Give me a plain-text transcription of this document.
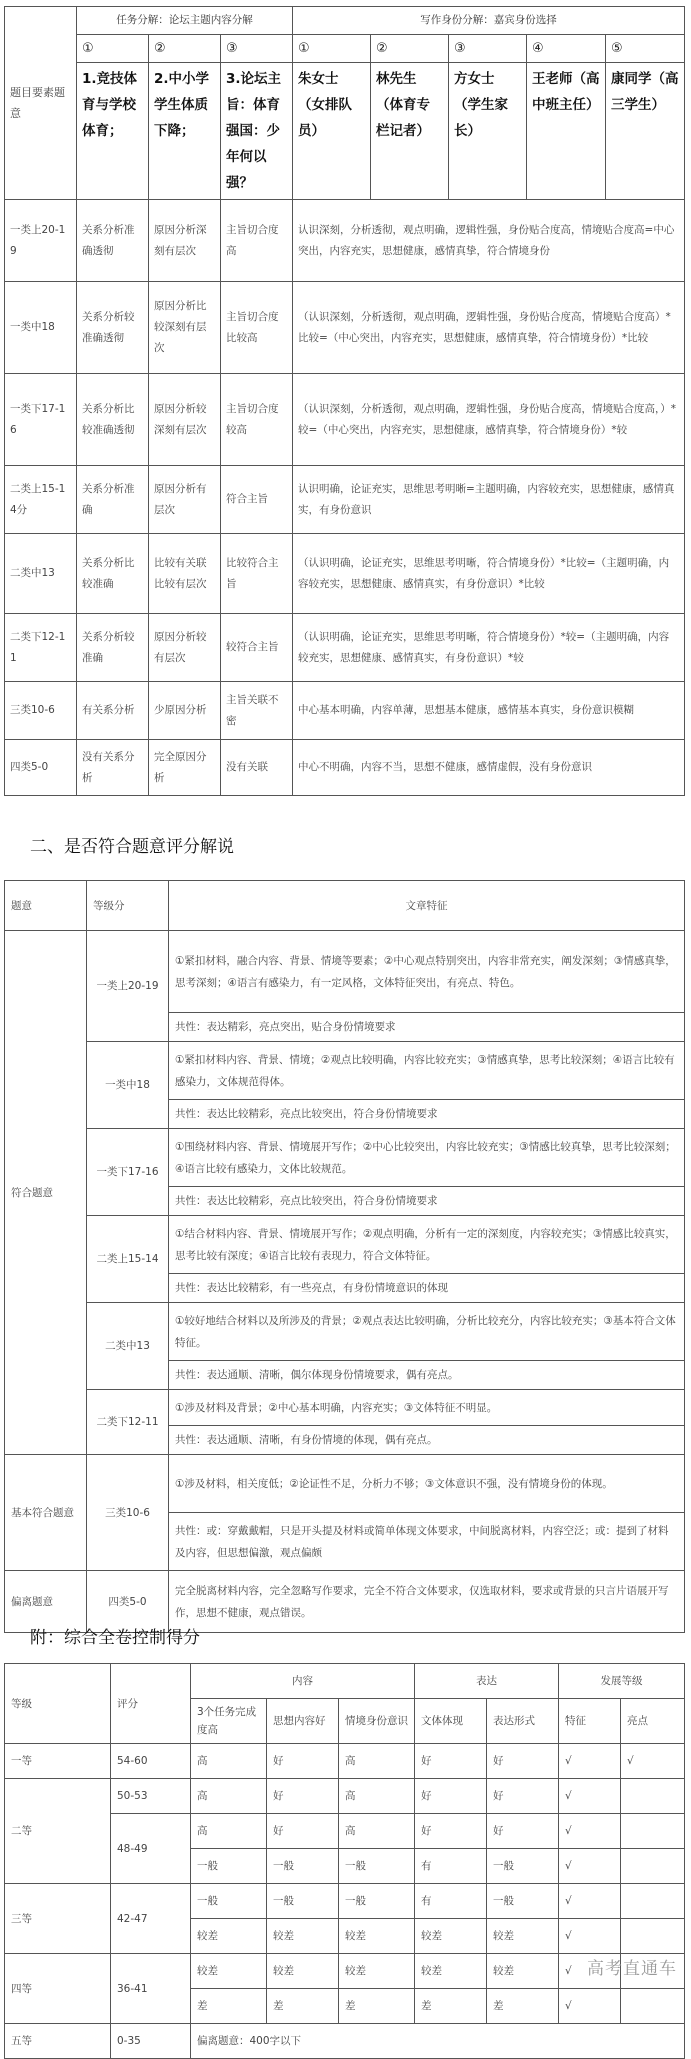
题目要素题意	任务分解：论坛主题内容分解			写作身份分解：嘉宾身份选择				
	①	②	③	①	②	③	④	⑤
	1.竞技体育与学校体育；	2.中小学学生体质下降；	3.论坛主旨：体育强国：少年何以强？	朱女士（女排队员）	林先生（体育专栏记者）	方女士（学生家长）	王老师（高中班主任）	康同学（高三学生）
一类上20-19	关系分析准确透彻	原因分析深刻有层次	主旨切合度高	认识深刻，分析透彻，观点明确，逻辑性强，身份贴合度高，情境贴合度高=中心突出，内容充实，思想健康，感情真挚，符合情境身份				
一类中18	关系分析较准确透彻	原因分析比较深刻有层次	主旨切合度比较高	（认识深刻，分析透彻，观点明确，逻辑性强，身份贴合度高，情境贴合度高）*比较=（中心突出，内容充实，思想健康，感情真挚，符合情境身份）*比较				
一类下17-16	关系分析比较准确透彻	原因分析较深刻有层次	主旨切合度较高	（认识深刻，分析透彻，观点明确，逻辑性强，身份贴合度高，情境贴合度高，）*较=（中心突出，内容充实，思想健康，感情真挚，符合情境身份）*较				
二类上15-14分	关系分析准确	原因分析有层次	符合主旨	认识明确，论证充实，思维思考明晰=主题明确，内容较充实，思想健康，感情真实，有身份意识				
二类中13	关系分析比较准确	比较有关联比较有层次	比较符合主旨	（认识明确，论证充实，思维思考明晰，符合情境身份）*比较=（主题明确，内容较充实，思想健康、感情真实，有身份意识）*比较				
二类下12-11	关系分析较准确	原因分析较有层次	较符合主旨	（认识明确，论证充实，思维思考明晰，符合情境身份）*较=（主题明确，内容较充实，思想健康、感情真实，有身份意识）*较				
三类10-6	有关系分析	少原因分析	主旨关联不密	中心基本明确，内容单薄，思想基本健康，感情基本真实，身份意识模糊				
四类5-0	没有关系分析	完全原因分析	没有关联	中心不明确，内容不当，思想不健康，感情虚假，没有身份意识				
二、是否符合题意评分解说
题意	等级分	文章特征
符合题意	一类上20-19	①紧扣材料，融合内容、背景、情境等要素；②中心观点特别突出，内容非常充实，阐发深刻；③情感真挚，思考深刻；④语言有感染力，有一定风格，文体特征突出，有亮点、特色。
		共性：表达精彩，亮点突出，贴合身份情境要求
	一类中18	①紧扣材料内容、背景、情境；②观点比较明确，内容比较充实；③情感真挚，思考比较深刻；④语言比较有感染力，文体规范得体。
		共性：表达比较精彩，亮点比较突出，符合身份情境要求
	一类下17-16	①围绕材料内容、背景、情境展开写作；②中心比较突出，内容比较充实；③情感比较真挚，思考比较深刻；④语言比较有感染力，文体比较规范。
		共性：表达比较精彩，亮点比较突出，符合身份情境要求
	二类上15-14	①结合材料内容、背景、情境展开写作；②观点明确，分析有一定的深刻度，内容较充实；③情感比较真实，思考比较有深度；④语言比较有表现力，符合文体特征。
		共性：表达比较精彩，有一些亮点，有身份情境意识的体现
	二类中13	①较好地结合材料以及所涉及的背景；②观点表达比较明确，分析比较充分，内容比较充实；③基本符合文体特征。
		共性：表达通顺、清晰，偶尔体现身份情境要求，偶有亮点。
	二类下12-11	①涉及材料及背景；②中心基本明确，内容充实；③文体特征不明显。
		共性：表达通顺、清晰，有身份情境的体现，偶有亮点。
基本符合题意	三类10-6	①涉及材料，相关度低；②论证性不足，分析力不够；③文体意识不强，没有情境身份的体现。
		共性：或：穿戴戴帽，只是开头提及材料或简单体现文体要求，中间脱离材料，内容空泛；或：提到了材料及内容，但思想偏激，观点偏颇
偏离题意	四类5-0	完全脱离材料内容，完全忽略写作要求，完全不符合文体要求，仅选取材料，要求或背景的只言片语展开写作，思想不健康，观点错误。
附：综合全卷控制得分
等级	评分	内容			表达		发展等级	
		3个任务完成度高	思想内容好	情境身份意识	文体体现	表达形式	特征	亮点
一等	54-60	高	好	高	好	好	√	√
二等	50-53	高	好	高	好	好	√	
	48-49	高	好	高	好	好	√	
		一般	一般	一般	有	一般	√	
三等	42-47	一般	一般	一般	有	一般	√	
		较差	较差	较差	较差	较差	√	
四等	36-41	较差	较差	较差	较差	较差	√	
		差	差	差	差	差	√	
五等	0-35	偏离题意：400字以下						
高考直通车
